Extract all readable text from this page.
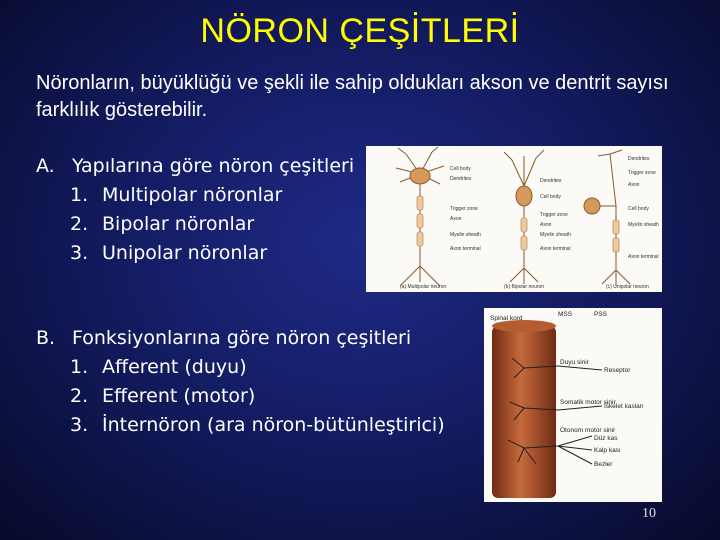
NÖRON ÇEŞİTLERİ
Nöronların, büyüklüğü ve şekli ile sahip oldukları akson ve dentrit sayısı farklılık gösterebilir.
A. Yapılarına göre nöron çeşitleri
1. Multipolar nöronlar
2. Bipolar nöronlar
3. Unipolar nöronlar
B. Fonksiyonlarına göre nöron çeşitleri
1. Afferent (duyu)
2. Efferent (motor)
3. İnternöron (ara nöron-bütünleştirici)
Cell body
Dendrites
Trigger zone
Axon
Myelin sheath
Axon terminal
Dendrites
Cell body
Trigger zone
Axon
Myelin sheath
Axon terminal
Dendrites
Trigger zone
Axon
Cell body
Myelin sheath
Axon terminal
(a) Multipolar neuron	(b) Bipolar neuron	(c) Unipolar neuron
MSS	PSS
Spinal kord
Duyu sinir
Reseptor
Somatik motor sinir
İskelet kasları
Otonom motor sinir
Düz kas
Kalp kası
Bezler
10
